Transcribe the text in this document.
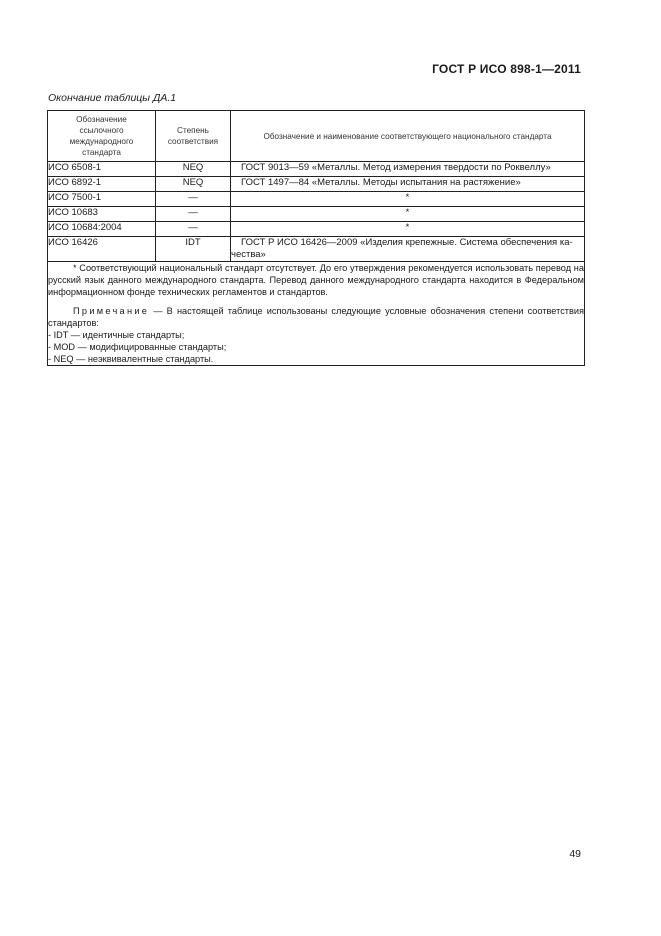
ГОСТ Р ИСО 898-1—2011
Окончание таблицы ДА.1
Обозначение ссылочного международного стандарта	Степень соответствия	Обозначение и наименование соответствующего национального стандарта
ИСО 6508-1	NEQ	ГОСТ 9013—59 «Металлы. Метод измерения твердости по Роквеллу»
ИСО 6892-1	NEQ	ГОСТ 1497—84 «Металлы. Методы испытания на растяжение»
ИСО 7500-1	—	*
ИСО 10683	—	*
ИСО 10684:2004	—	*
ИСО 16426	IDT	ГОСТ Р ИСО 16426—2009 «Изделия крепежные. Система обеспечения ка-чества»

* Соответствующий национальный стандарт отсутствует. До его утверждения рекомендуется использовать перевод на русский язык данного международного стандарта. Перевод данного международного стандарта находится в Федеральном информационном фонде технических регламентов и стандартов.

Примечание — В настоящей таблице использованы следующие условные обозначения степени соответствия стандартов:

- IDT — идентичные стандарты;

- MOD — модифицированные стандарты;

- NEQ — неэквивалентные стандарты.		

49
